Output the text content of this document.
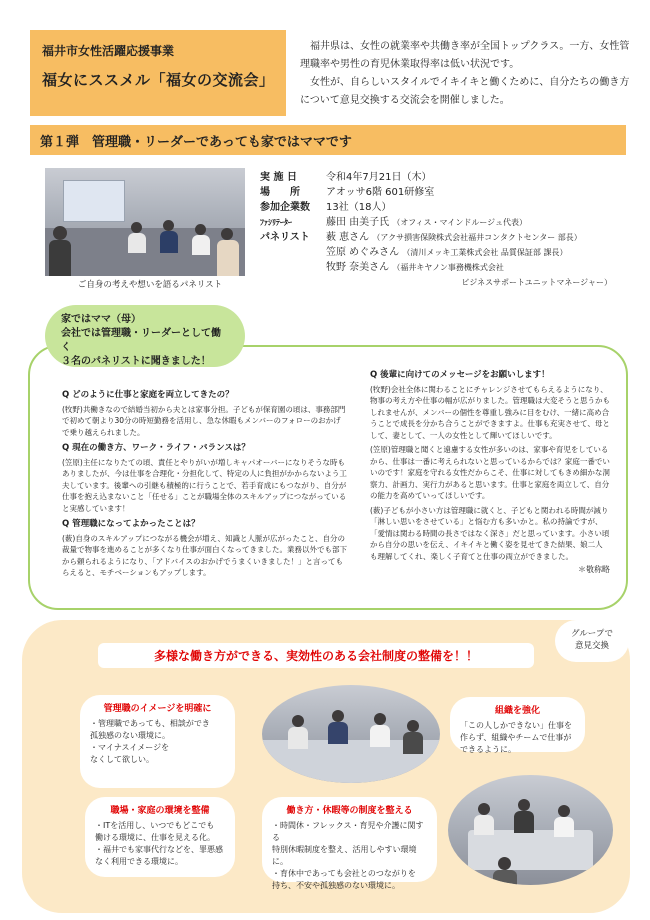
福井市女性活躍応援事業
福女にススメル「福女の交流会」

福井県は、女性の就業率や共働き率が全国トップクラス。一方、女性管理職率や男性の育児休業取得率は低い状況です。

女性が、自らしいスタイルでイキイキと働くために、自分たちの働き方について意見交換する交流会を開催しました。

第１弾　管理職・リーダーであっても家ではママです
ご自身の考えや想いを語るパネリスト
実 施 日	令和4年7月21日（木）
場　　所	アオッサ6階 601研修室
参加企業数	13社（18人）
ﾌｧｼﾘﾃｰﾀｰ	藤田 由美子氏 （オフィス・マインドルージュ代表）
パネリスト	薮 恵さん （アクサ損害保険株式会社福井コンタクトセンター 部長）
笠原 めぐみさん （清川メッキ工業株式会社 品質保証部 課長）
牧野 奈美さん （福井キヤノン事務機株式会社
ビジネスサポートユニットマネージャー）
家ではママ（母）
会社では管理職・リーダーとして働く
３名のパネリストに聞きました！
Q どのように仕事と家庭を両立してきたの？
(牧野)共働きなので結婚当初から夫とは家事分担。子どもが保育園の頃は、事務部門で初めて朝より30分の時短勤務を活用し、急な休暇もメンバーのフォローのおかげで乗り越えられました。
Q 現在の働き方、ワーク・ライフ・バランスは？
(笠原)主任になりたての頃、責任とやりがいが増しキャパオーバーになりそうな時もありましたが、今は仕事を合理化・分担化して、特定の人に負担がかからないよう工夫しています。後輩への引継も積極的に行うことで、若手育成にもつながり、自分が仕事を抱え込まないこと「任せる」ことが職場全体のスキルアップにつながっていると実感しています！
Q 管理職になってよかったことは？
(薮)自身のスキルアップにつながる機会が増え、知識と人脈が広がったこと、自分の裁量で物事を進めることが多くなり仕事が面白くなってきました。業務以外でも部下から頼られるようになり、「アドバイスのおかげでうまくいきました！」と言ってもらえると、モチベーションもアップします。
Q 後輩に向けてのメッセージをお願いします！
(牧野)会社全体に関わることにチャレンジさせてもらえるようになり、物事の考え方や仕事の幅が広がりました。管理職は大変そうと思うかもしれませんが、メンバーの個性を尊重し強みに目をむけ、一緒に高め合うことで成長を分かち合うことができますよ。仕事も充実させて、母として、妻として、一人の女性として輝いてほしいです。
(笠原)管理職と聞くと遠慮する女性が多いのは、家事や育児をしているから、仕事は一番に考えられないと思っているからでは？家庭一番でいいのです！家庭を守れる女性だからこそ、仕事に対してもきめ細かな洞察力、計画力、実行力があると思います。仕事と家庭を両立して、自分の能力を高めていってほしいです。
(薮)子どもが小さい方は管理職に就くと、子どもと関われる時間が減り「淋しい思いをさせている」と悩む方も多いかと。私の持論ですが、「愛情は関わる時間の長さではなく深さ」だと思っています。小さい頃から自分の思いを伝え、イキイキと働く姿を見せてきた結果、娘二人も理解してくれ、楽しく子育てと仕事の両立ができました。
＊敬称略
グループで
意見交換
多様な働き方ができる、実効性のある会社制度の整備を！！
管理職のイメージを明確に
・管理職であっても、相談ができ
孤独感のない環境に。
・マイナスイメージを
なくして欲しい。
組織を強化
「この人しかできない」仕事を
作らず、組織やチームで仕事が
できるように。
職場・家庭の環境を整備
・ITを活用し、いつでもどこでも
働ける環境に、仕事を見える化。
・福井でも家事代行などを、罪悪感
なく利用できる環境に。
働き方・休暇等の制度を整える
・時間休・フレックス・育児や介護に関する
特別休暇制度を整え、活用しやすい環境に。
・育休中であっても会社とのつながりを
持ち、不安や孤独感のない環境に。
